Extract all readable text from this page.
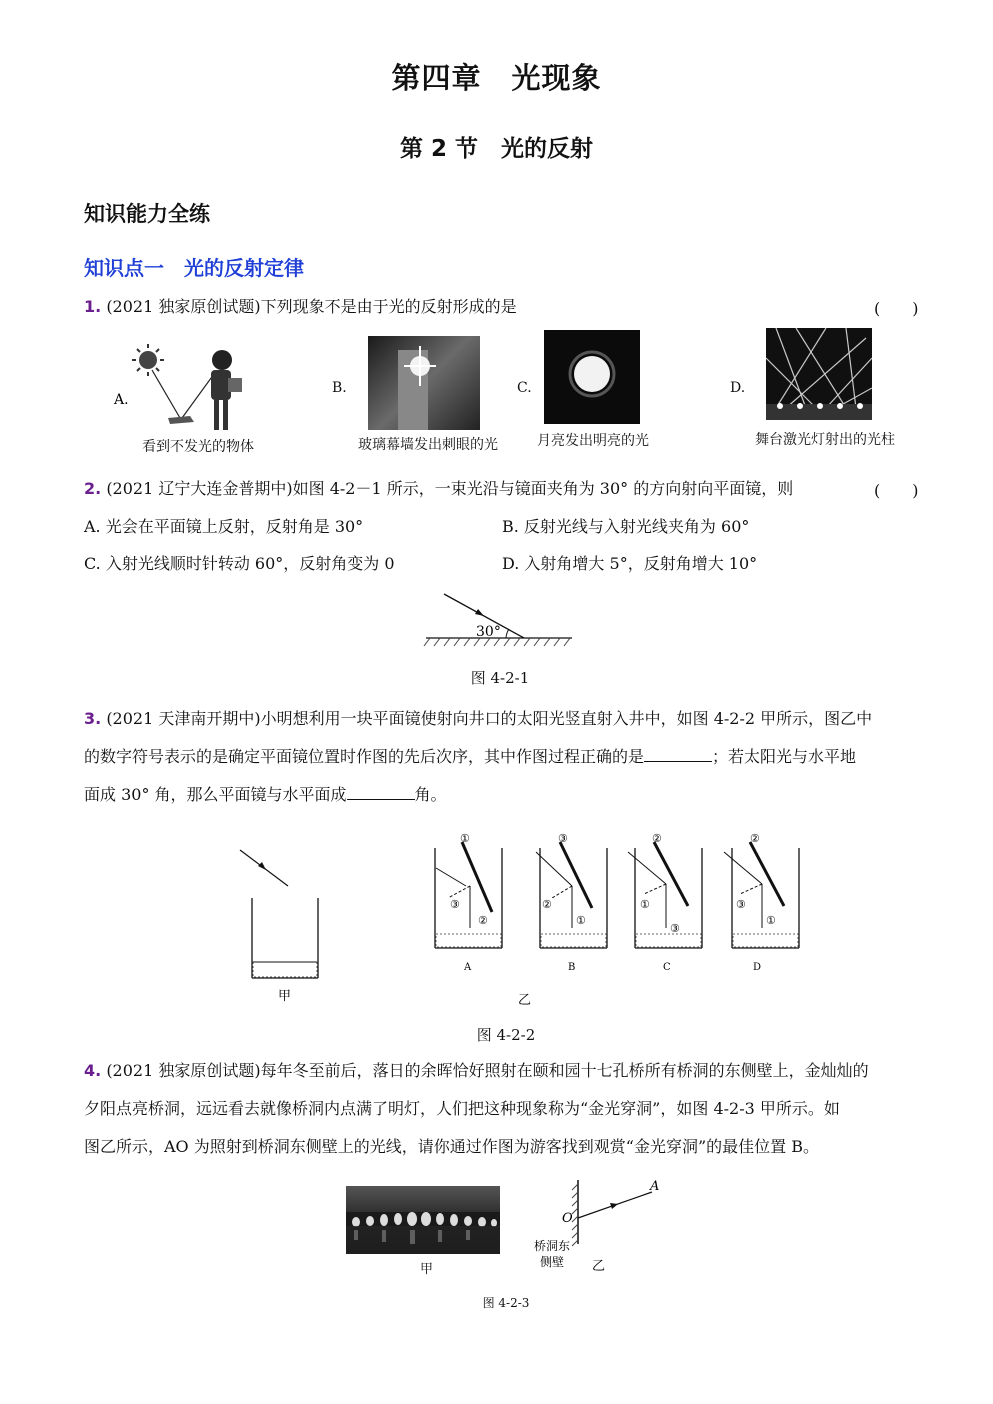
第四章　光现象
第 2 节　光的反射
知识能力全练
知识点一　光的反射定律
1. (2021 独家原创试题)下列现象不是由于光的反射形成的是	(　　)
A.
看到不发光的物体
B.
玻璃幕墙发出刺眼的光
C.
月亮发出明亮的光
D.
舞台激光灯射出的光柱
2. (2021 辽宁大连金普期中)如图 4-2－1 所示，一束光沿与镜面夹角为 30° 的方向射向平面镜，则	(　　)
A. 光会在平面镜上反射，反射角是 30°	B. 反射光线与入射光线夹角为 60°
C. 入射光线顺时针转动 60°，反射角变为 0	D. 入射角增大 5°，反射角增大 10°
30°
图 4-2-1
3. (2021 天津南开期中)小明想利用一块平面镜使射向井口的太阳光竖直射入井中，如图 4-2-2 甲所示，图乙中
的数字符号表示的是确定平面镜位置时作图的先后次序，其中作图过程正确的是	；若太阳光与水平地
面成 30° 角，那么平面镜与水平面成	角。
甲	乙
①
③
②
A
③
②
①
B
②
①
③
C
②
③
①
D
图 4-2-2
4. (2021 独家原创试题)每年冬至前后，落日的余晖恰好照射在颐和园十七孔桥所有桥洞的东侧壁上，金灿灿的
夕阳点亮桥洞，远远看去就像桥洞内点满了明灯，人们把这种现象称为“金光穿洞”，如图 4-2-3 甲所示。如
图乙所示，AO 为照射到桥洞东侧壁上的光线，请你通过作图为游客找到观赏“金光穿洞”的最佳位置 B。
甲
A
O
桥洞东
侧壁 乙
图 4-2-3
